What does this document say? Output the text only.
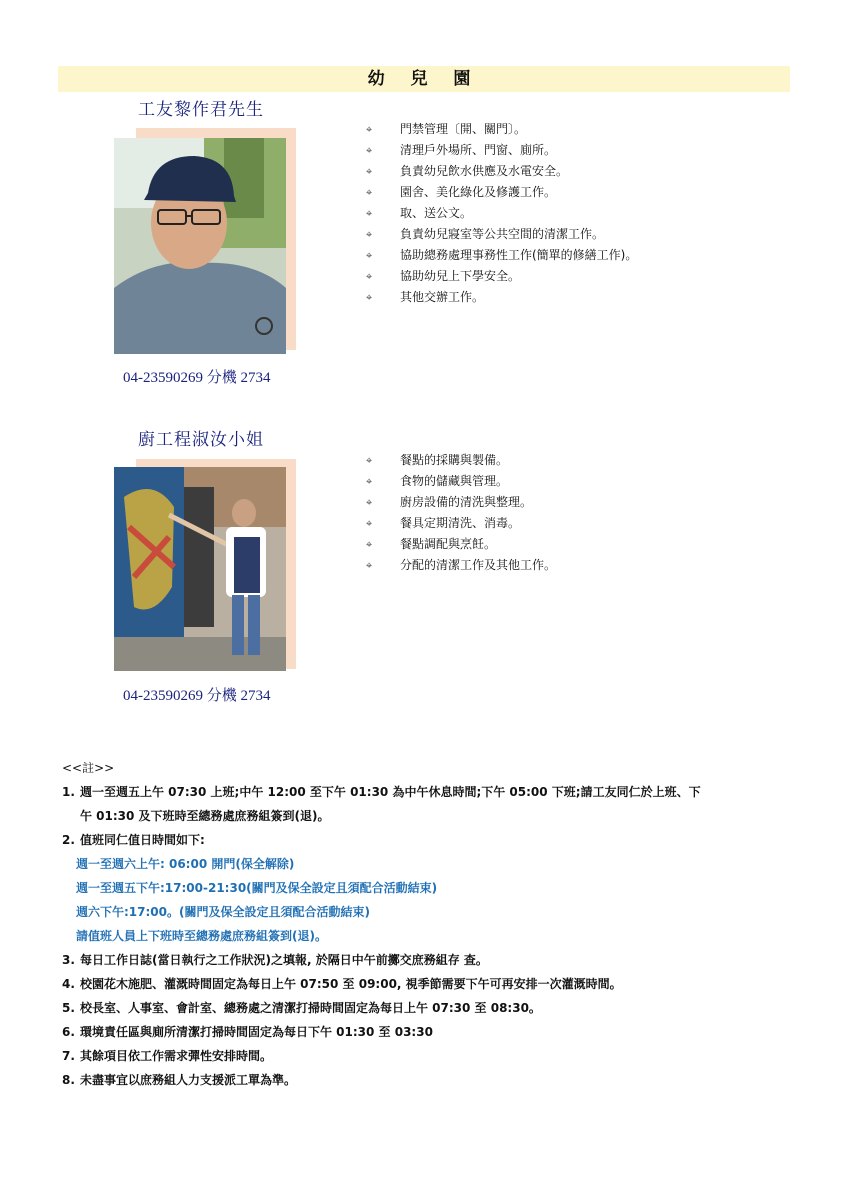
幼 兒 園
工友黎作君先生
04-23590269 分機 2734
⌖ 門禁管理〔開、關門〕。
⌖ 清理戶外場所、門窗、廁所。
⌖ 負責幼兒飲水供應及水電安全。
⌖ 園舍、美化綠化及修護工作。
⌖ 取、送公文。
⌖ 負責幼兒寢室等公共空間的清潔工作。
⌖ 協助總務處理事務性工作(簡單的修繕工作)。
⌖ 協助幼兒上下學安全。
⌖ 其他交辦工作。
廚工程淑汝小姐
04-23590269 分機 2734
⌖ 餐點的採購與製備。
⌖ 食物的儲藏與管理。
⌖ 廚房設備的清洗與整理。
⌖ 餐具定期清洗、消毒。
⌖ 餐點調配與烹飪。
⌖ 分配的清潔工作及其他工作。
<<註>>
1. 週一至週五上午 07:30 上班;中午 12:00 至下午 01:30 為中午休息時間;下午 05:00 下班;請工友同仁於上班、下
午 01:30 及下班時至總務處庶務組簽到(退)。
2. 值班同仁值日時間如下:
週一至週六上午: 06:00 開門(保全解除)
週一至週五下午:17:00-21:30(關門及保全設定且須配合活動結束)
週六下午:17:00。(關門及保全設定且須配合活動結束)
請值班人員上下班時至總務處庶務組簽到(退)。
3. 每日工作日誌(當日執行之工作狀況)之填報, 於隔日中午前擲交庶務組存 查。
4. 校園花木施肥、灌溉時間固定為每日上午 07:50 至 09:00, 視季節需要下午可再安排一次灌溉時間。
5. 校長室、人事室、會計室、總務處之清潔打掃時間固定為每日上午 07:30 至 08:30。
6. 環境責任區與廁所清潔打掃時間固定為每日下午 01:30 至 03:30
7. 其餘項目依工作需求彈性安排時間。
8. 未盡事宜以庶務組人力支援派工單為準。
